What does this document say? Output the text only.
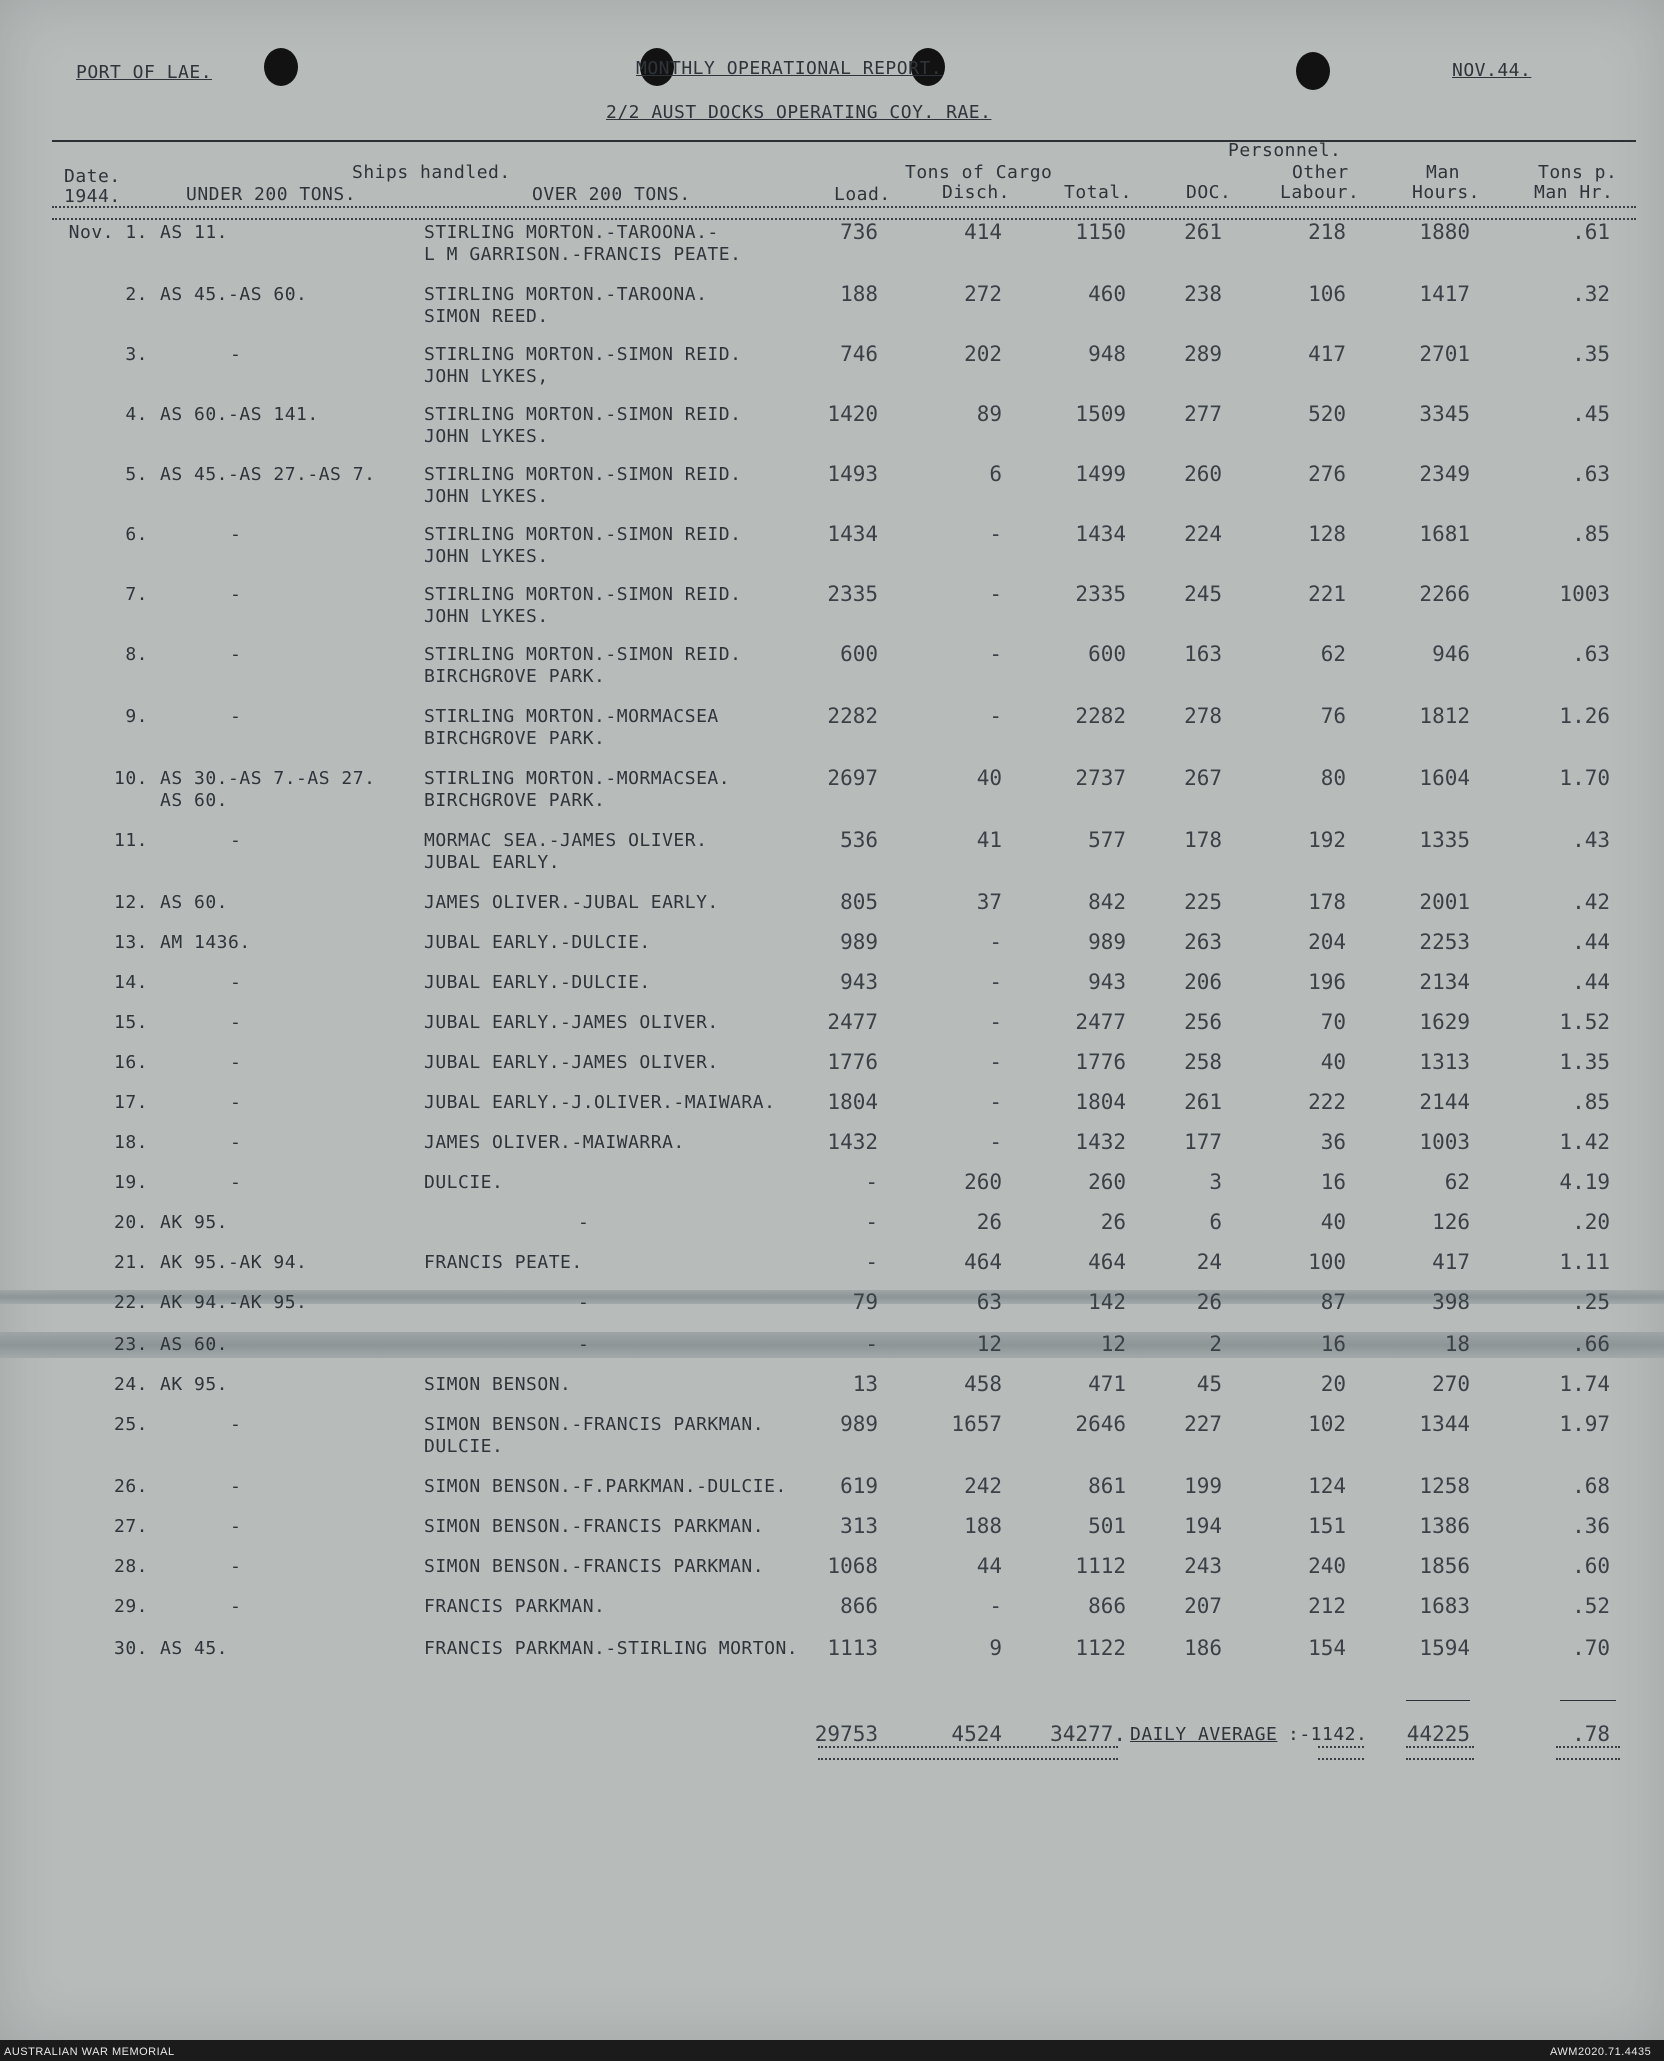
PORT OF LAE.	MONTHLY OPERATIONAL REPORT.	NOV.44.
2/2 AUST DOCKS OPERATING COY. RAE.
Personnel.
Date.
1944.
Ships handled.
UNDER 200 TONS.	OVER 200 TONS.
Tons of Cargo
Load.	Disch.	Total.	DOC.
Other
Labour.
Man
Hours.
Tons p.
Man Hr.
Nov. 1. AS 11.	STIRLING MORTON.-TAROONA.-
L M GARRISON.-FRANCIS PEATE.
736	414	1150	261	218	1880	.61
2. AS 45.-AS 60.	STIRLING MORTON.-TAROONA.
SIMON REED.
188	272	460	238	106	1417	.32
3.	-	STIRLING MORTON.-SIMON REID.
JOHN LYKES,
746	202	948	289	417	2701	.35
4. AS 60.-AS 141.	STIRLING MORTON.-SIMON REID.
JOHN LYKES.
1420	89	1509	277	520	3345	.45
5. AS 45.-AS 27.-AS 7.	STIRLING MORTON.-SIMON REID.
JOHN LYKES.
1493	6	1499	260	276	2349	.63
6.	-	STIRLING MORTON.-SIMON REID.
JOHN LYKES.
1434	-	1434	224	128	1681	.85
7.	-	STIRLING MORTON.-SIMON REID.
JOHN LYKES.
2335	-	2335	245	221	2266	1003
8.	-	STIRLING MORTON.-SIMON REID.
BIRCHGROVE PARK.
600	-	600	163	62	946	.63
9.	-	STIRLING MORTON.-MORMACSEA
BIRCHGROVE PARK.
2282	-	2282	278	76	1812	1.26
10. AS 30.-AS 7.-AS 27.
AS 60.
STIRLING MORTON.-MORMACSEA.
BIRCHGROVE PARK.
2697	40	2737	267	80	1604	1.70
11.	-	MORMAC SEA.-JAMES OLIVER.
JUBAL EARLY.
536	41	577	178	192	1335	.43
12. AS 60.	JAMES OLIVER.-JUBAL EARLY.	805	37	842	225	178	2001	.42
13. AM 1436.	JUBAL EARLY.-DULCIE.	989	-	989	263	204	2253	.44
14.	-	JUBAL EARLY.-DULCIE.	943	-	943	206	196	2134	.44
15.	-	JUBAL EARLY.-JAMES OLIVER.	2477	-	2477	256	70	1629	1.52
16.	-	JUBAL EARLY.-JAMES OLIVER.	1776	-	1776	258	40	1313	1.35
17.	-	JUBAL EARLY.-J.OLIVER.-MAIWARA.	1804	-	1804	261	222	2144	.85
18.	-	JAMES OLIVER.-MAIWARRA.	1432	-	1432	177	36	1003	1.42
19.	-	DULCIE.	-	260	260	3	16	62	4.19
20. AK 95.	-	-	26	26	6	40	126	.20
21. AK 95.-AK 94.	FRANCIS PEATE.	-	464	464	24	100	417	1.11
22. AK 94.-AK 95.	-	79	63	142	26	87	398	.25
23. AS 60.	-	-	12	12	2	16	18	.66
24. AK 95.	SIMON BENSON.	13	458	471	45	20	270	1.74
25.	-	SIMON BENSON.-FRANCIS PARKMAN.
DULCIE.
989	1657	2646	227	102	1344	1.97
26.	-	SIMON BENSON.-F.PARKMAN.-DULCIE.	619	242	861	199	124	1258	.68
27.	-	SIMON BENSON.-FRANCIS PARKMAN.	313	188	501	194	151	1386	.36
28.	-	SIMON BENSON.-FRANCIS PARKMAN.	1068	44	1112	243	240	1856	.60
29.	-	FRANCIS PARKMAN.	866	-	866	207	212	1683	.52
30. AS 45.	FRANCIS PARKMAN.-STIRLING MORTON.	1113	9	1122	186	154	1594	.70
29753	4524	34277. DAILY AVERAGE :-1142.	44225	.78
AUSTRALIAN WAR MEMORIAL	AWM2020.71.4435
